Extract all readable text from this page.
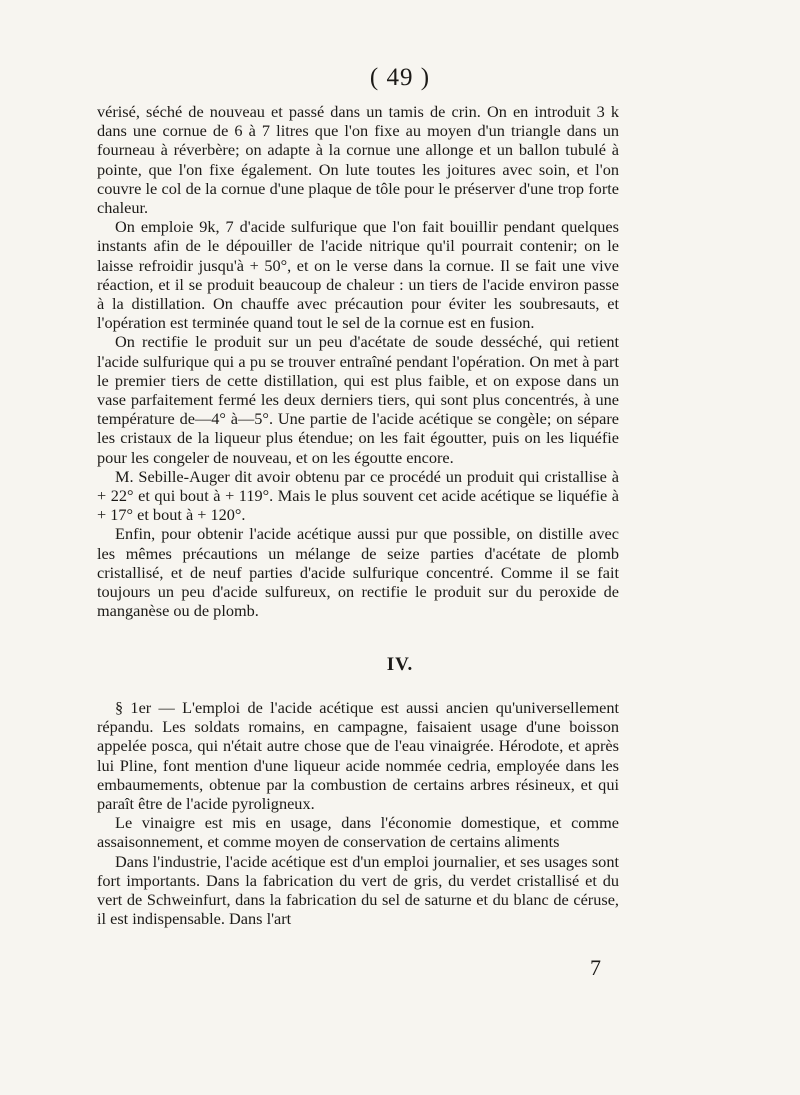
( 49 )

vérisé, séché de nouveau et passé dans un tamis de crin. On en introduit 3 k dans une cornue de 6 à 7 litres que l'on fixe au moyen d'un triangle dans un fourneau à réverbère; on adapte à la cornue une allonge et un ballon tubulé à pointe, que l'on fixe également. On lute toutes les joitures avec soin, et l'on couvre le col de la cornue d'une plaque de tôle pour le préserver d'une trop forte chaleur.

On emploie 9k, 7 d'acide sulfurique que l'on fait bouillir pendant quelques instants afin de le dépouiller de l'acide nitrique qu'il pourrait contenir; on le laisse refroidir jusqu'à + 50°, et on le verse dans la cornue. Il se fait une vive réaction, et il se produit beaucoup de chaleur : un tiers de l'acide environ passe à la distillation. On chauffe avec précaution pour éviter les soubresauts, et l'opération est terminée quand tout le sel de la cornue est en fusion.

On rectifie le produit sur un peu d'acétate de soude desséché, qui retient l'acide sulfurique qui a pu se trouver entraîné pendant l'opération. On met à part le premier tiers de cette distillation, qui est plus faible, et on expose dans un vase parfaitement fermé les deux derniers tiers, qui sont plus concentrés, à une température de—4° à—5°. Une partie de l'acide acétique se congèle; on sépare les cristaux de la liqueur plus étendue; on les fait égoutter, puis on les liquéfie pour les congeler de nouveau, et on les égoutte encore.

M. Sebille-Auger dit avoir obtenu par ce procédé un produit qui cristallise à + 22° et qui bout à + 119°. Mais le plus souvent cet acide acétique se liquéfie à + 17° et bout à + 120°.

Enfin, pour obtenir l'acide acétique aussi pur que possible, on distille avec les mêmes précautions un mélange de seize parties d'acétate de plomb cristallisé, et de neuf parties d'acide sulfurique concentré. Comme il se fait toujours un peu d'acide sulfureux, on rectifie le produit sur du peroxide de manganèse ou de plomb.

IV.

§ 1er — L'emploi de l'acide acétique est aussi ancien qu'universellement répandu. Les soldats romains, en campagne, faisaient usage d'une boisson appelée posca, qui n'était autre chose que de l'eau vinaigrée. Hérodote, et après lui Pline, font mention d'une liqueur acide nommée cedria, employée dans les embaumements, obtenue par la combustion de certains arbres résineux, et qui paraît être de l'acide pyroligneux.

Le vinaigre est mis en usage, dans l'économie domestique, et comme assaisonnement, et comme moyen de conservation de certains aliments

Dans l'industrie, l'acide acétique est d'un emploi journalier, et ses usages sont fort importants. Dans la fabrication du vert de gris, du verdet cristallisé et du vert de Schweinfurt, dans la fabrication du sel de saturne et du blanc de céruse, il est indispensable. Dans l'art

7
